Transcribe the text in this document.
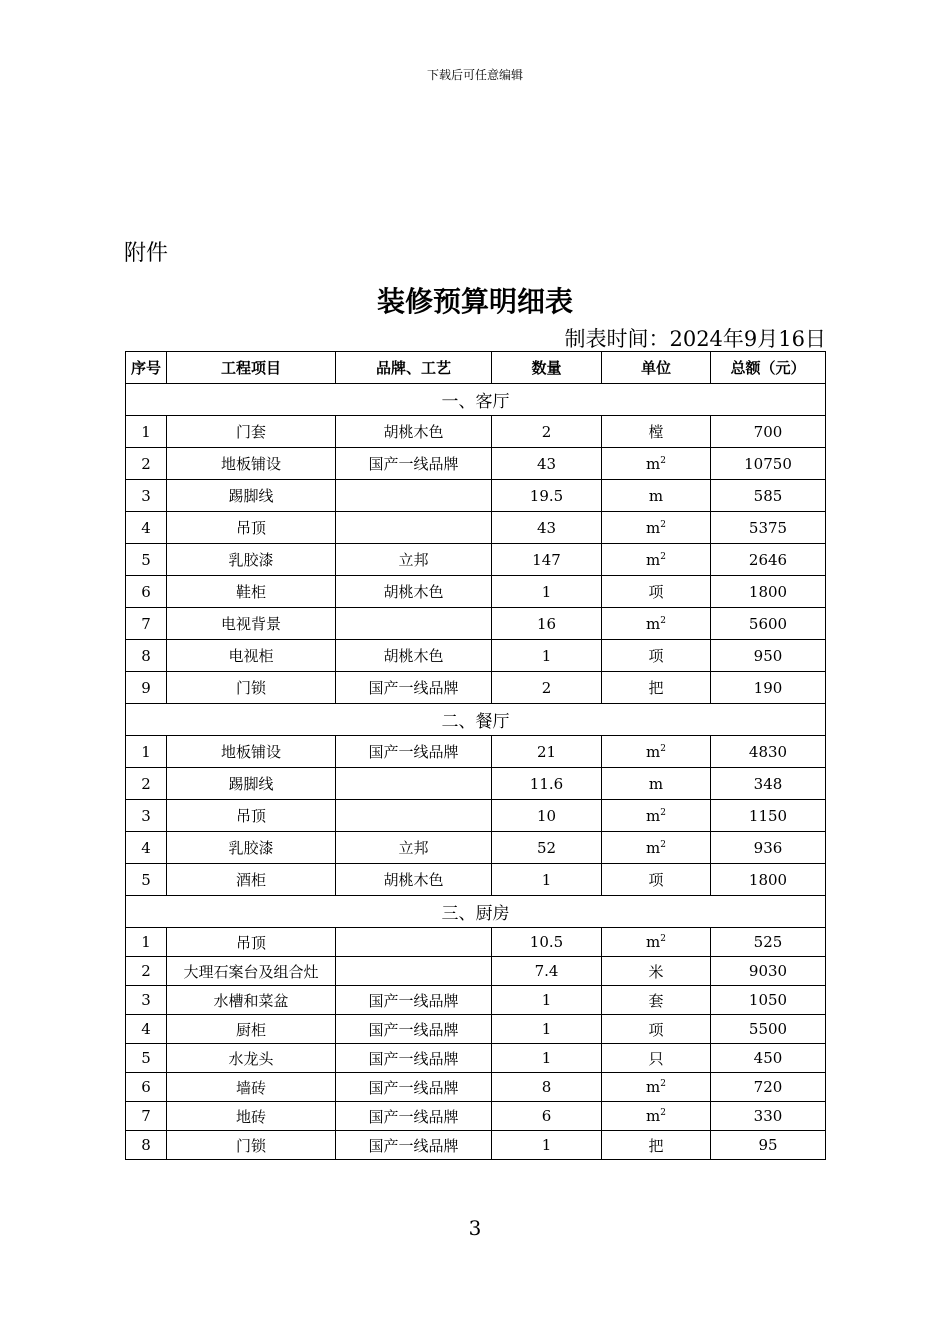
下载后可任意编辑
附件
装修预算明细表
制表时间：2024年9月16日
序号	工程项目	品牌、工艺	数量	单位	总额（元）
一、客厅					
1	门套	胡桃木色	2	樘	700
2	地板铺设	国产一线品牌	43	$m^2$	10750
3	踢脚线		19.5	m	585
4	吊顶		43	$m^2$	5375
5	乳胶漆	立邦	147	$m^2$	2646
6	鞋柜	胡桃木色	1	项	1800
7	电视背景		16	$m^2$	5600
8	电视柜	胡桃木色	1	项	950
9	门锁	国产一线品牌	2	把	190
二、餐厅					
1	地板铺设	国产一线品牌	21	$m^2$	4830
2	踢脚线		11.6	m	348
3	吊顶		10	$m^2$	1150
4	乳胶漆	立邦	52	$m^2$	936
5	酒柜	胡桃木色	1	项	1800
三、厨房					
1	吊顶		10.5	$m^2$	525
2	大理石案台及组合灶		7.4	米	9030
3	水槽和菜盆	国产一线品牌	1	套	1050
4	厨柜	国产一线品牌	1	项	5500
5	水龙头	国产一线品牌	1	只	450
6	墙砖	国产一线品牌	8	$m^2$	720
7	地砖	国产一线品牌	6	$m^2$	330
8	门锁	国产一线品牌	1	把	95
3
